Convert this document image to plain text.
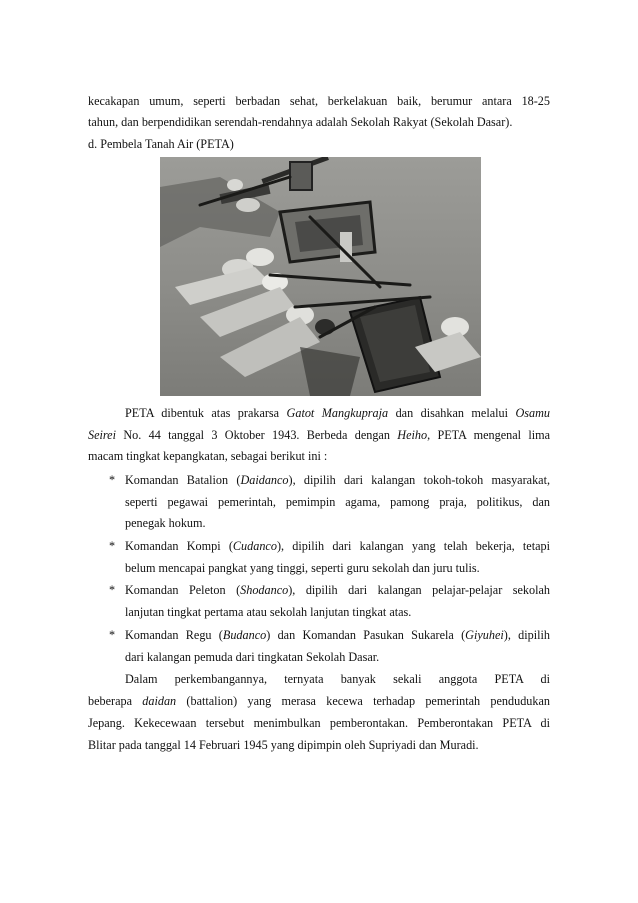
kecakapan umum, seperti berbadan sehat, berkelakuan baik, berumur antara 18-25
tahun, dan berpendidikan serendah-rendahnya adalah Sekolah Rakyat (Sekolah Dasar).
d. Pembela Tanah Air (PETA)
PETA dibentuk atas prakarsa Gatot Mangkupraja dan disahkan melalui Osamu
Seirei No. 44 tanggal 3 Oktober 1943. Berbeda dengan Heiho, PETA mengenal lima
macam tingkat kepangkatan, sebagai berikut ini :
* Komandan Batalion (Daidanco), dipilih dari kalangan tokoh-tokoh masyarakat,
seperti pegawai pemerintah, pemimpin agama, pamong praja, politikus, dan
penegak hokum.
* Komandan Kompi (Cudanco), dipilih dari kalangan yang telah bekerja, tetapi
belum mencapai pangkat yang tinggi, seperti guru sekolah dan juru tulis.
* Komandan Peleton (Shodanco), dipilih dari kalangan pelajar-pelajar sekolah
lanjutan tingkat pertama atau sekolah lanjutan tingkat atas.
* Komandan Regu (Budanco) dan Komandan Pasukan Sukarela (Giyuhei), dipilih
dari kalangan pemuda dari tingkatan Sekolah Dasar.
Dalam perkembangannya, ternyata banyak sekali anggota PETA di
beberapa daidan (battalion) yang merasa kecewa terhadap pemerintah pendudukan
Jepang. Kekecewaan tersebut menimbulkan pemberontakan. Pemberontakan PETA di
Blitar pada tanggal 14 Februari 1945 yang dipimpin oleh Supriyadi dan Muradi.
